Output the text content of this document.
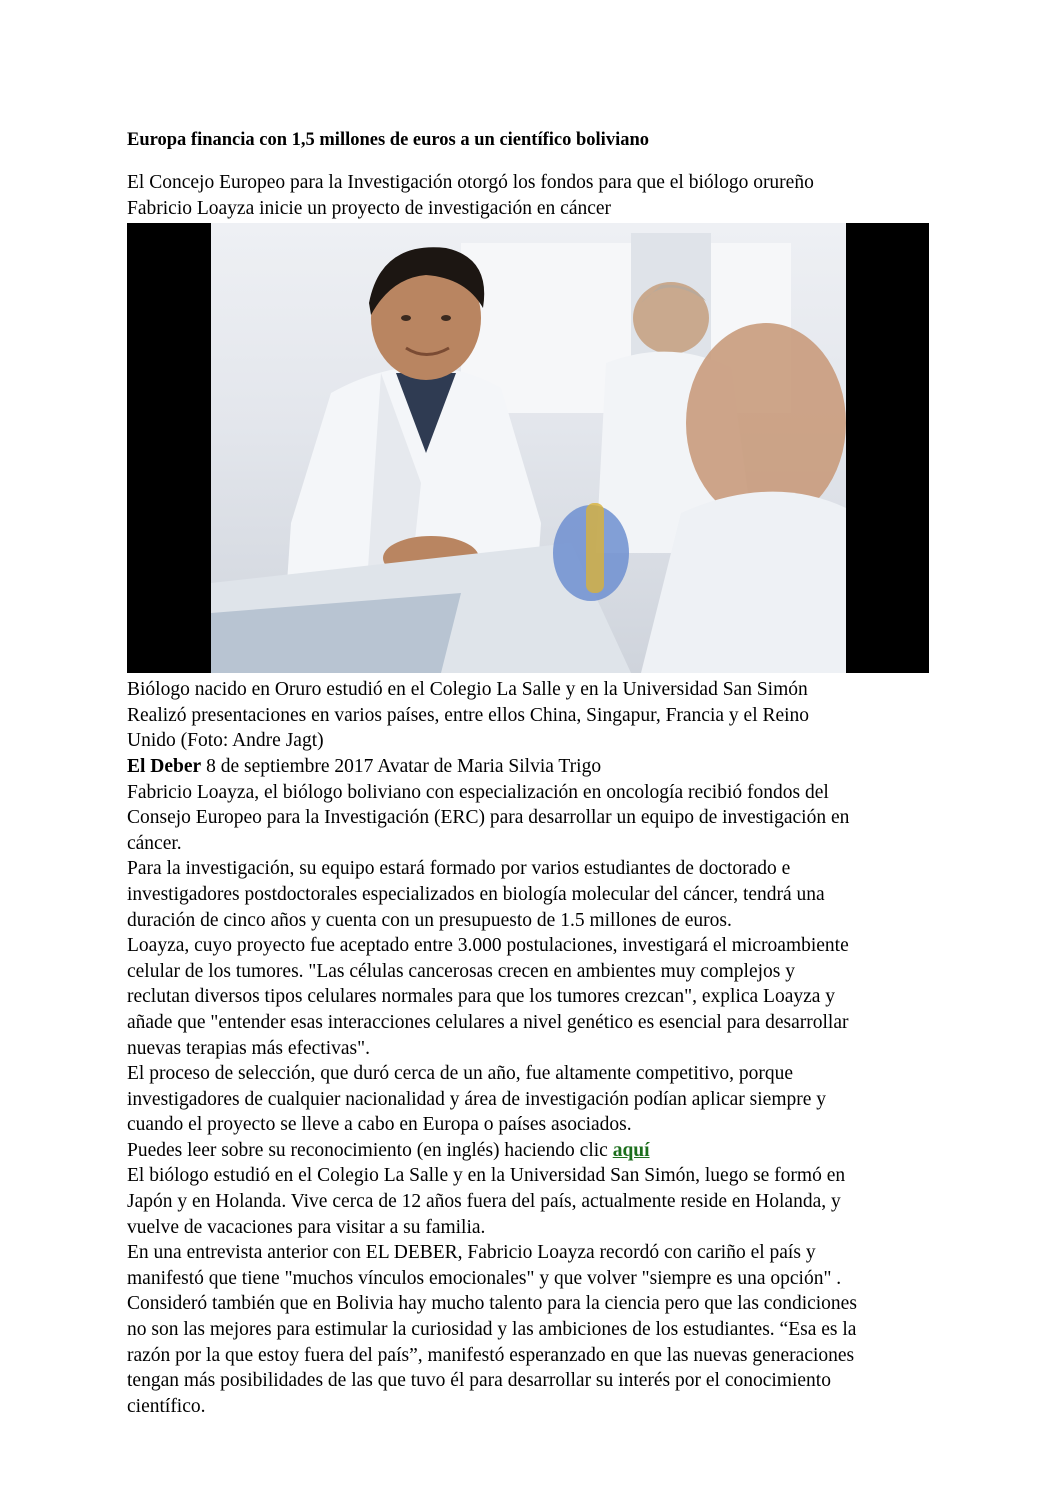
Europa financia con 1,5 millones de euros a un científico boliviano
El Concejo Europeo para la Investigación otorgó los fondos para que el biólogo orureño
Fabricio Loayza inicie un proyecto de investigación en cáncer
Biólogo nacido en Oruro estudió en el Colegio La Salle y en la Universidad San Simón
Realizó presentaciones en varios países, entre ellos China, Singapur, Francia y el Reino
Unido (Foto: Andre Jagt)
El Deber 8 de septiembre 2017 Avatar de Maria Silvia Trigo

Fabricio Loayza, el biólogo boliviano con especialización en oncología recibió fondos del
Consejo Europeo para la Investigación (ERC) para desarrollar un equipo de investigación en
cáncer.

Para la investigación, su equipo estará formado por varios estudiantes de doctorado e
investigadores postdoctorales especializados en biología molecular del cáncer, tendrá una
duración de cinco años y cuenta con un presupuesto de 1.5 millones de euros.

Loayza, cuyo proyecto fue aceptado entre 3.000 postulaciones, investigará el microambiente
celular de los tumores. "Las células cancerosas crecen en ambientes muy complejos y
reclutan diversos tipos celulares normales para que los tumores crezcan", explica Loayza y
añade que "entender esas interacciones celulares a nivel genético es esencial para desarrollar
nuevas terapias más efectivas".

El proceso de selección, que duró cerca de un año, fue altamente competitivo, porque
investigadores de cualquier nacionalidad y área de investigación podían aplicar siempre y
cuando el proyecto se lleve a cabo en Europa o países asociados.

Puedes leer sobre su reconocimiento (en inglés) haciendo clic aquí

El biólogo estudió en el Colegio La Salle y en la Universidad San Simón, luego se formó en
Japón y en Holanda. Vive cerca de 12 años fuera del país, actualmente reside en Holanda, y
vuelve de vacaciones para visitar a su familia.

En una entrevista anterior con EL DEBER, Fabricio Loayza recordó con cariño el país y
manifestó que tiene "muchos vínculos emocionales" y que volver "siempre es una opción" .
Consideró también que en Bolivia hay mucho talento para la ciencia pero que las condiciones
no son las mejores para estimular la curiosidad y las ambiciones de los estudiantes. “Esa es la
razón por la que estoy fuera del país”, manifestó esperanzado en que las nuevas generaciones
tengan más posibilidades de las que tuvo él para desarrollar su interés por el conocimiento
científico.
